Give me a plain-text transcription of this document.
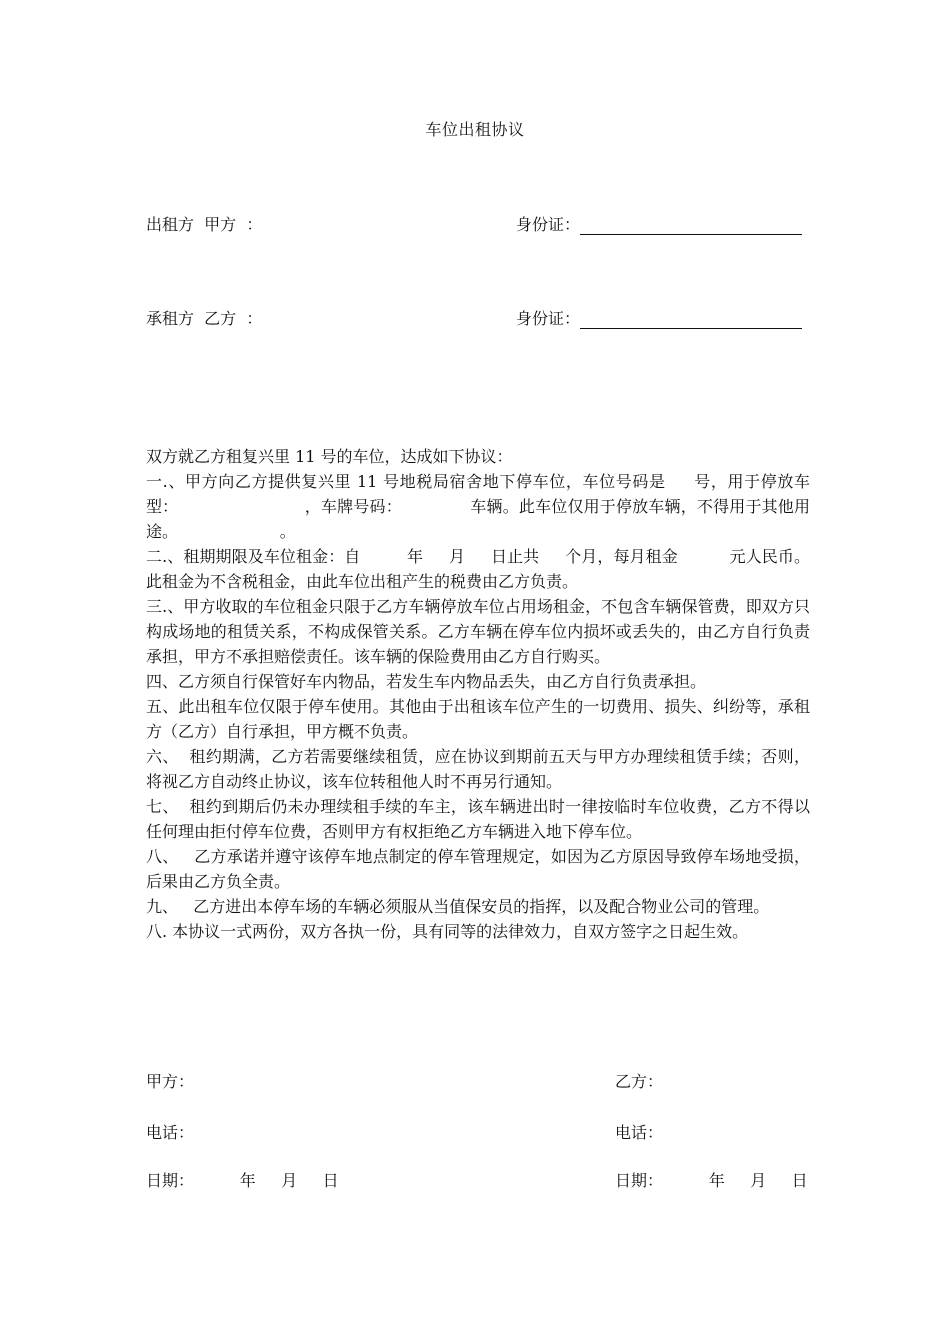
车位出租协议
出租方  甲方  ：	身份证：
承租方  乙方  ：	身份证：

双方就乙方租复兴里 11 号的车位，达成如下协议：

一.、甲方向乙方提供复兴里 11 号地税局宿舍地下停车位，车位号码是     号，用于停放车型：                        ，车牌号码：             车辆。此车位仅用于停放车辆，不得用于其他用途。                    。

二.、租期期限及车位租金：自         年     月     日止共     个月，每月租金          元人民币。此租金为不含税租金，由此车位出租产生的税费由乙方负责。

三.、甲方收取的车位租金只限于乙方车辆停放车位占用场租金，不包含车辆保管费，即双方只构成场地的租赁关系，不构成保管关系。乙方车辆在停车位内损坏或丢失的，由乙方自行负责承担，甲方不承担赔偿责任。该车辆的保险费用由乙方自行购买。

四、乙方须自行保管好车内物品，若发生车内物品丢失，由乙方自行负责承担。

五、此出租车位仅限于停车使用。其他由于出租该车位产生的一切费用、损失、纠纷等，承租方（乙方）自行承担，甲方概不负责。

六、  租约期满，乙方若需要继续租赁，应在协议到期前五天与甲方办理续租赁手续；否则，将视乙方自动终止协议，该车位转租他人时不再另行通知。

七、  租约到期后仍未办理续租手续的车主，该车辆进出时一律按临时车位收费，乙方不得以任何理由拒付停车位费，否则甲方有权拒绝乙方车辆进入地下停车位。

八、   乙方承诺并遵守该停车地点制定的停车管理规定，如因为乙方原因导致停车场地受损，后果由乙方负全责。

九、   乙方进出本停车场的车辆必须服从当值保安员的指挥，以及配合物业公司的管理。

八. 本协议一式两份，双方各执一份，具有同等的法律效力，自双方签字之日起生效。

甲方：	乙方：
电话：	电话：
日期：         年     月     日	日期：         年     月     日
